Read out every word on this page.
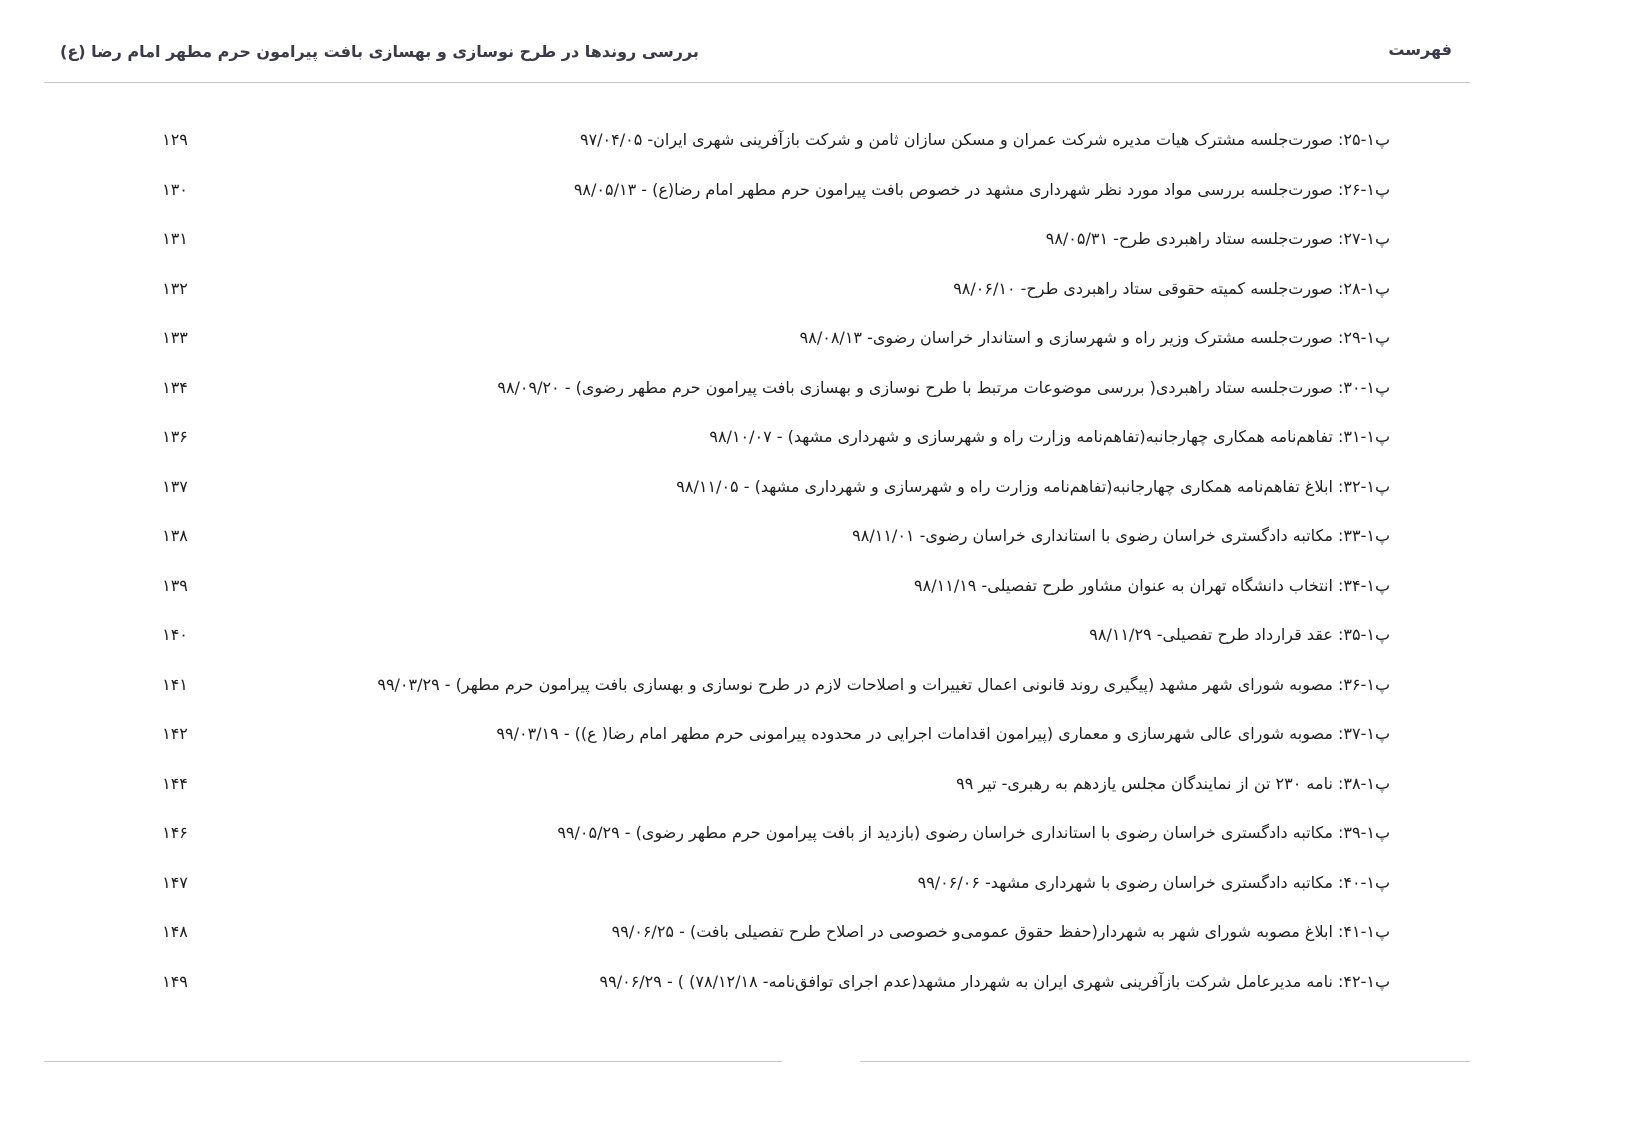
بررسی روندها در طرح نوسازی و بهسازی بافت پیرامون حرم مطهر امام رضا (ع)	فهرست
۱۲۹	پ۱-۲۵: صورت‌جلسه مشترک هیات مدیره شرکت عمران و مسکن سازان ثامن و شرکت بازآفرینی شهری ایران- ۹۷/۰۴/۰۵
۱۳۰	پ۱-۲۶: صورت‌جلسه بررسی مواد مورد نظر شهرداری مشهد در خصوص بافت پیرامون حرم مطهر امام رضا(ع) - ۹۸/۰۵/۱۳
۱۳۱	پ۱-۲۷: صورت‌جلسه ستاد راهبردی طرح- ۹۸/۰۵/۳۱
۱۳۲	پ۱-۲۸: صورت‌جلسه کمیته حقوقی ستاد راهبردی طرح- ۹۸/۰۶/۱۰
۱۳۳	پ۱-۲۹: صورت‌جلسه مشترک وزیر راه و شهرسازی و استاندار خراسان رضوی- ۹۸/۰۸/۱۳
۱۳۴	پ۱-۳۰: صورت‌جلسه ستاد راهبردی( بررسی موضوعات مرتبط با طرح نوسازی و بهسازی بافت پیرامون حرم مطهر رضوی) - ۹۸/۰۹/۲۰
۱۳۶	پ۱-۳۱: تفاهم‌نامه همکاری چهارجانبه(تفاهم‌نامه وزارت راه و شهرسازی و شهرداری مشهد) - ۹۸/۱۰/۰۷
۱۳۷	پ۱-۳۲: ابلاغ تفاهم‌نامه همکاری چهارجانبه(تفاهم‌نامه وزارت راه و شهرسازی و شهرداری مشهد) - ۹۸/۱۱/۰۵
۱۳۸	پ۱-۳۳: مکاتبه دادگستری خراسان رضوی با استانداری خراسان رضوی- ۹۸/۱۱/۰۱
۱۳۹	پ۱-۳۴: انتخاب دانشگاه تهران به عنوان مشاور طرح تفصیلی- ۹۸/۱۱/۱۹
۱۴۰	پ۱-۳۵: عقد قرارداد طرح تفصیلی- ۹۸/۱۱/۲۹
۱۴۱	پ۱-۳۶: مصوبه شورای شهر مشهد (پیگیری روند قانونی اعمال تغییرات و اصلاحات لازم در طرح نوسازی و بهسازی بافت پیرامون حرم مطهر) - ۹۹/۰۳/۲۹
۱۴۲	پ۱-۳۷: مصوبه شورای عالی شهرسازی و معماری (پیرامون اقدامات اجرایی در محدوده پیرامونی حرم مطهر امام رضا( ع)) - ۹۹/۰۳/۱۹
۱۴۴	پ۱-۳۸: نامه ۲۳۰ تن از نمایندگان مجلس یازدهم به رهبری- تیر ۹۹
۱۴۶	پ۱-۳۹: مکاتبه دادگستری خراسان رضوی با استانداری خراسان رضوی (بازدید از بافت پیرامون حرم مطهر رضوی) - ۹۹/۰۵/۲۹
۱۴۷	پ۱-۴۰: مکاتبه دادگستری خراسان رضوی با شهرداری مشهد- ۹۹/۰۶/۰۶
۱۴۸	پ۱-۴۱: ابلاغ مصوبه شورای شهر به شهردار(حفظ حقوق عمومی‌و خصوصی در اصلاح طرح تفصیلی بافت) - ۹۹/۰۶/۲۵
۱۴۹	پ۱-۴۲: نامه مدیرعامل شرکت بازآفرینی شهری ایران به شهردار مشهد(عدم اجرای توافق‌نامه- ۷۸/۱۲/۱۸) ) - ۹۹/۰۶/۲۹
